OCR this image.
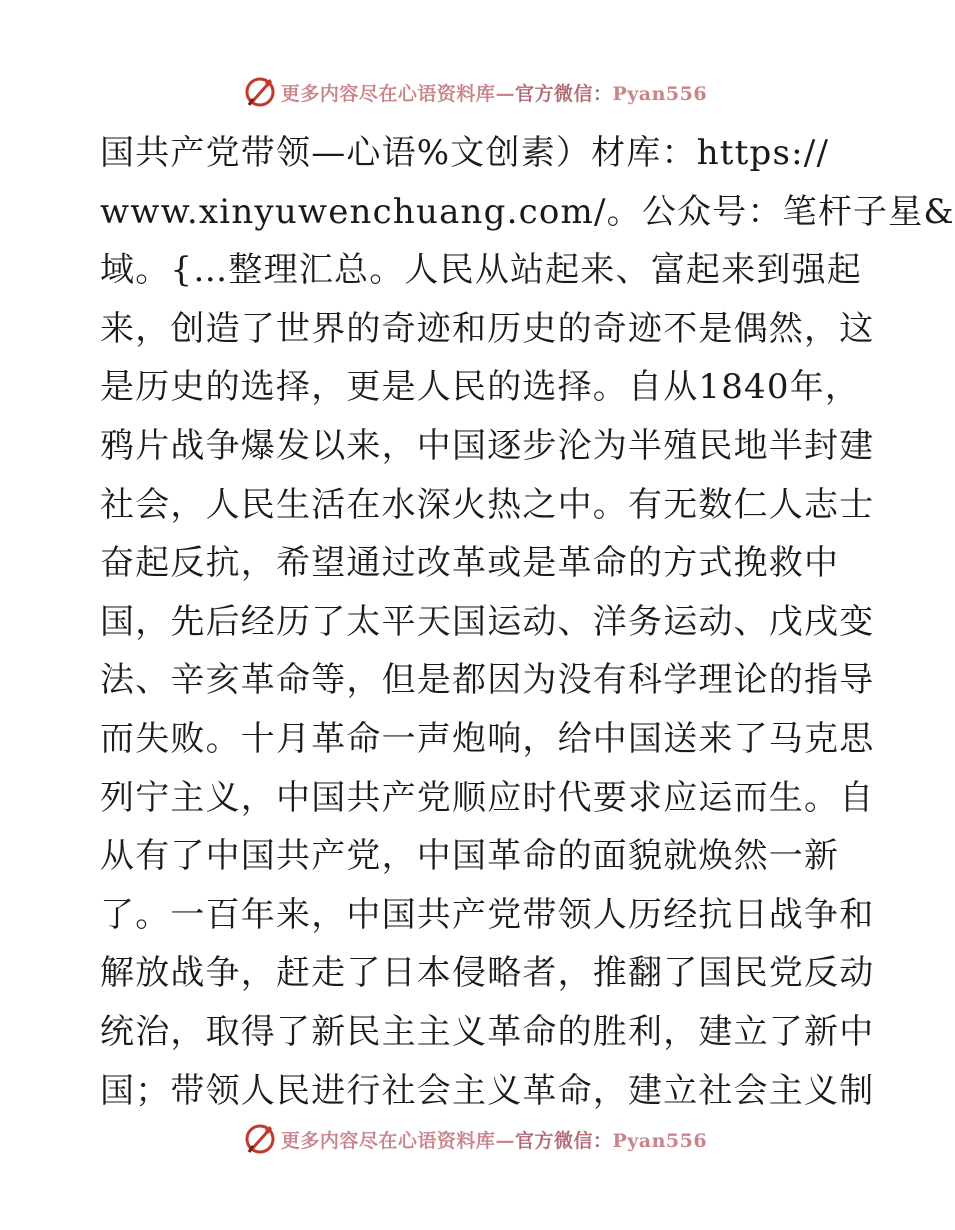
更多内容尽在心语资料库—官方微信：Pyan556
国共产党带领—心语%文创素）材库：https://
www.xinyuwenchuang.com/。公众号：笔杆子星&
域。{…整理汇总。人民从站起来、富起来到强起
来，创造了世界的奇迹和历史的奇迹不是偶然，这
是历史的选择，更是人民的选择。自从1840年，
鸦片战争爆发以来，中国逐步沦为半殖民地半封建
社会，人民生活在水深火热之中。有无数仁人志士
奋起反抗，希望通过改革或是革命的方式挽救中
国，先后经历了太平天国运动、洋务运动、戊戌变
法、辛亥革命等，但是都因为没有科学理论的指导
而失败。十月革命一声炮响，给中国送来了马克思
列宁主义，中国共产党顺应时代要求应运而生。自
从有了中国共产党，中国革命的面貌就焕然一新
了。一百年来，中国共产党带领人历经抗日战争和
解放战争，赶走了日本侵略者，推翻了国民党反动
统治，取得了新民主主义革命的胜利，建立了新中
国；带领人民进行社会主义革命，建立社会主义制
更多内容尽在心语资料库—官方微信：Pyan556
